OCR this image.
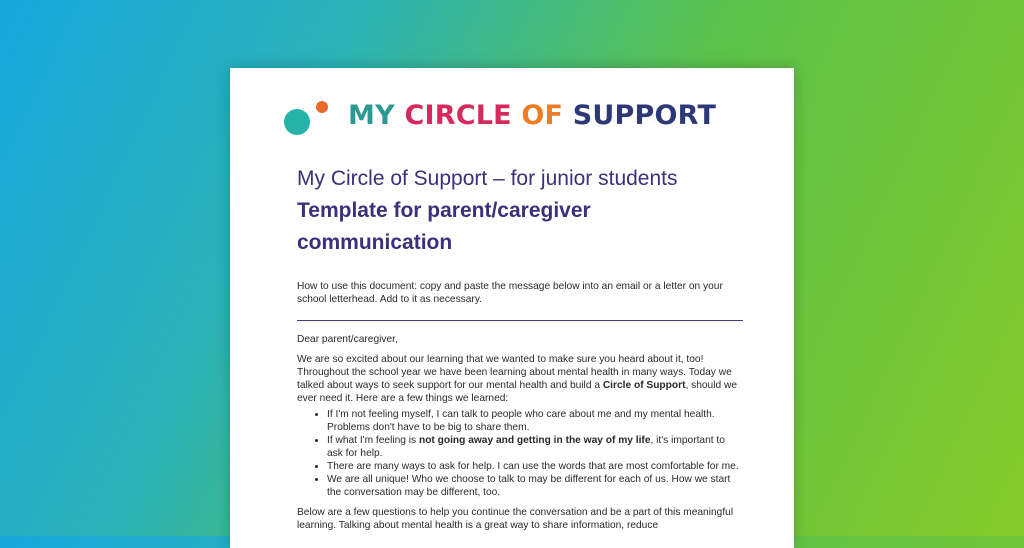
MY CIRCLE OF SUPPORT
My Circle of Support – for junior students
Template for parent/caregiver communication

How to use this document: copy and paste the message below into an email or a letter on your school letterhead. Add to it as necessary.

Dear parent/caregiver,

We are so excited about our learning that we wanted to make sure you heard about it, too! Throughout the school year we have been learning about mental health in many ways. Today we talked about ways to seek support for our mental health and build a Circle of Support, should we ever need it. Here are a few things we learned:

• If I'm not feeling myself, I can talk to people who care about me and my mental health. Problems don't have to be big to share them.
• If what I'm feeling is not going away and getting in the way of my life, it's important to ask for help.
• There are many ways to ask for help. I can use the words that are most comfortable for me.
• We are all unique! Who we choose to talk to may be different for each of us. How we start the conversation may be different, too.

Below are a few questions to help you continue the conversation and be a part of this meaningful learning. Talking about mental health is a great way to share information, reduce
